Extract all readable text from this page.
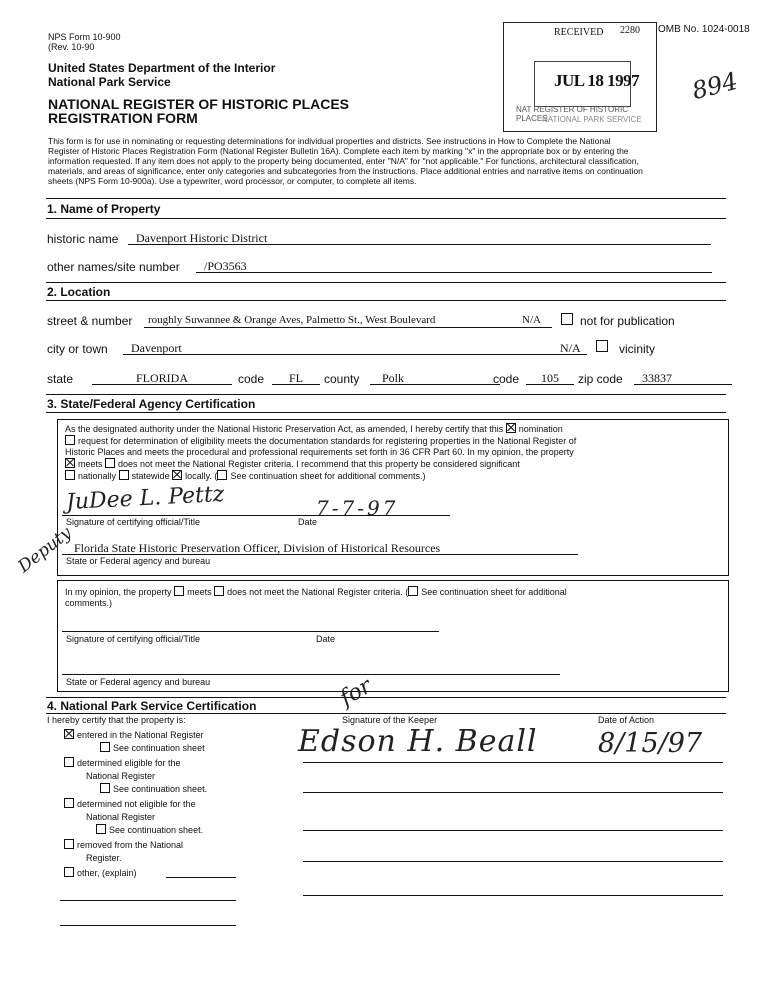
NPS Form 10-900
(Rev. 10-90
United States Department of the Interior
National Park Service
NATIONAL REGISTER OF HISTORIC PLACES
REGISTRATION FORM
RECEIVED 2280
JUL 18 1997
NAT REGISTER OF HISTORIC PLACES
NATIONAL PARK SERVICE
OMB No. 1024-0018
894
This form is for use in nominating or requesting determinations for individual properties and districts. See instructions in How to Complete the National
Register of Historic Places Registration Form (National Register Bulletin 16A). Complete each item by marking "x" in the appropriate box or by entering the
information requested. If any item does not apply to the property being documented, enter "N/A" for "not applicable." For functions, architectural classification,
materials, and areas of significance, enter only categories and subcategories from the instructions. Place additional entries and narrative items on continuation
sheets (NPS Form 10-900a). Use a typewriter, word processor, or computer, to complete all items.
1. Name of Property
historic name	Davenport Historic District
other names/site number	/PO3563
2. Location
street & number	roughly Suwannee & Orange Aves, Palmetto St., West Boulevard	N/A	not for publication
city or town	Davenport	N/A	vicinity
state	FLORIDA	code	FL	county	Polk	code	105	zip code	33837
3. State/Federal Agency Certification
As the designated authority under the National Historic Preservation Act, as amended, I hereby certify that this nomination
request for determination of eligibility meets the documentation standards for registering properties in the National Register of
Historic Places and meets the procedural and professional requirements set forth in 36 CFR Part 60. In my opinion, the property
meets does not meet the National Register criteria. I recommend that this property be considered significant
nationally statewide locally. ( See continuation sheet for additional comments.)
JuDee L. Pettz	7-7-97
Signature of certifying official/Title	Date
Deputy
Florida State Historic Preservation Officer, Division of Historical Resources
State or Federal agency and bureau
In my opinion, the property meets does not meet the National Register criteria. ( See continuation sheet for additional
comments.)
Signature of certifying official/Title	Date
State or Federal agency and bureau
4. National Park Service Certification
I hereby certify that the property is:
entered in the National Register
See continuation sheet
determined eligible for the
National Register
See continuation sheet.
determined not eligible for the
National Register
See continuation sheet.
removed from the National
Register.
other, (explain)
Signature of the Keeper	Date of Action
for
Edson H. Beall 8/15/97
